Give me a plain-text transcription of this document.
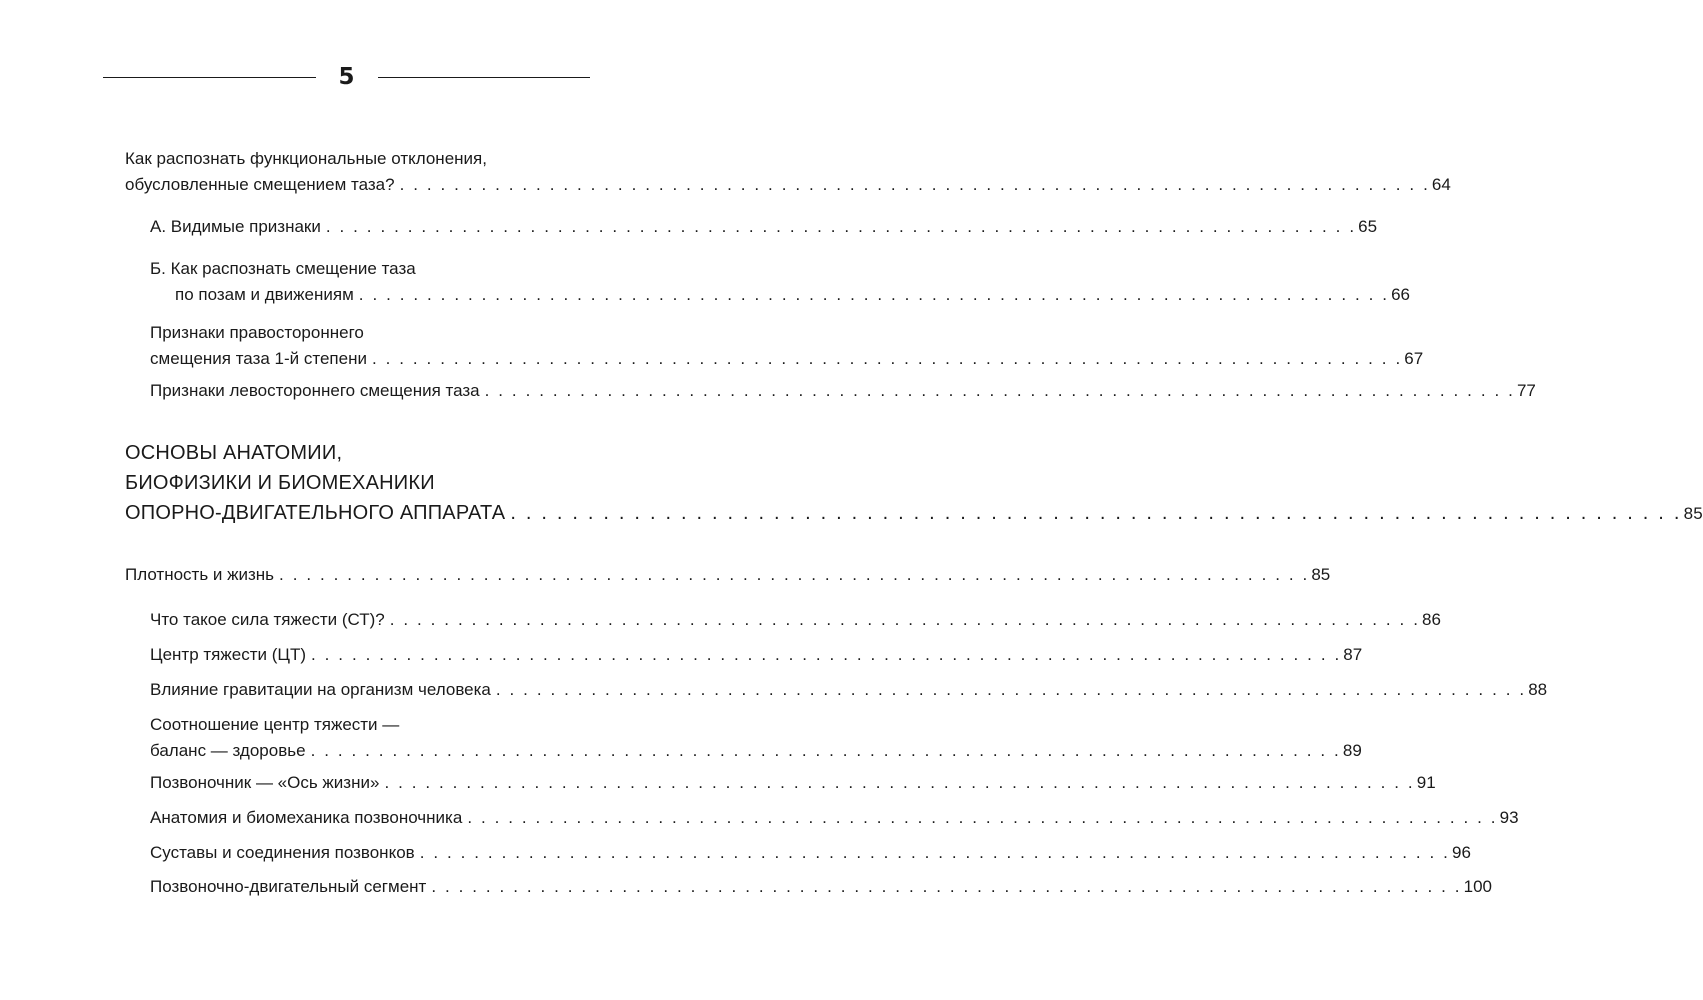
5
Как распознать функциональные отклонения,
обусловленные смещением таза? . . . . . . . . . . . . . . . . . . . . . . . . . . . . . . . . . . . . . . . . . . . . . . . . . . . . . . . . . . . . . . . . . . . . . . . . . . . . 64
А. Видимые признаки . . . . . . . . . . . . . . . . . . . . . . . . . . . . . . . . . . . . . . . . . . . . . . . . . . . . . . . . . . . . . . . . . . . . . . . . . . . . 65
Б. Как распознать смещение таза
по позам и движениям . . . . . . . . . . . . . . . . . . . . . . . . . . . . . . . . . . . . . . . . . . . . . . . . . . . . . . . . . . . . . . . . . . . . . . . . . . . . 66
Признаки правостороннего
смещения таза 1-й степени . . . . . . . . . . . . . . . . . . . . . . . . . . . . . . . . . . . . . . . . . . . . . . . . . . . . . . . . . . . . . . . . . . . . . . . . . . . . 67
Признаки левостороннего смещения таза . . . . . . . . . . . . . . . . . . . . . . . . . . . . . . . . . . . . . . . . . . . . . . . . . . . . . . . . . . . . . . . . . . . . . . . . . . . . 77
ОСНОВЫ АНАТОМИИ,
БИОФИЗИКИ И БИОМЕХАНИКИ
ОПОРНО-ДВИГАТЕЛЬНОГО АППАРАТА . . . . . . . . . . . . . . . . . . . . . . . . . . . . . . . . . . . . . . . . . . . . . . . . . . . . . . . . . . . . . . . . . . . . . . . . . . . . 85
Плотность и жизнь . . . . . . . . . . . . . . . . . . . . . . . . . . . . . . . . . . . . . . . . . . . . . . . . . . . . . . . . . . . . . . . . . . . . . . . . . . . . 85
Что такое сила тяжести (СТ)? . . . . . . . . . . . . . . . . . . . . . . . . . . . . . . . . . . . . . . . . . . . . . . . . . . . . . . . . . . . . . . . . . . . . . . . . . . . . 86
Центр тяжести (ЦТ) . . . . . . . . . . . . . . . . . . . . . . . . . . . . . . . . . . . . . . . . . . . . . . . . . . . . . . . . . . . . . . . . . . . . . . . . . . . . 87
Влияние гравитации на организм человека . . . . . . . . . . . . . . . . . . . . . . . . . . . . . . . . . . . . . . . . . . . . . . . . . . . . . . . . . . . . . . . . . . . . . . . . . . . . 88
Соотношение центр тяжести —
баланс — здоровье . . . . . . . . . . . . . . . . . . . . . . . . . . . . . . . . . . . . . . . . . . . . . . . . . . . . . . . . . . . . . . . . . . . . . . . . . . . . 89
Позвоночник — «Ось жизни» . . . . . . . . . . . . . . . . . . . . . . . . . . . . . . . . . . . . . . . . . . . . . . . . . . . . . . . . . . . . . . . . . . . . . . . . . . . . 91
Анатомия и биомеханика позвоночника . . . . . . . . . . . . . . . . . . . . . . . . . . . . . . . . . . . . . . . . . . . . . . . . . . . . . . . . . . . . . . . . . . . . . . . . . . . . 93
Суставы и соединения позвонков . . . . . . . . . . . . . . . . . . . . . . . . . . . . . . . . . . . . . . . . . . . . . . . . . . . . . . . . . . . . . . . . . . . . . . . . . . . . 96
Позвоночно-двигательный сегмент . . . . . . . . . . . . . . . . . . . . . . . . . . . . . . . . . . . . . . . . . . . . . . . . . . . . . . . . . . . . . . . . . . . . . . . . . . . . 100
